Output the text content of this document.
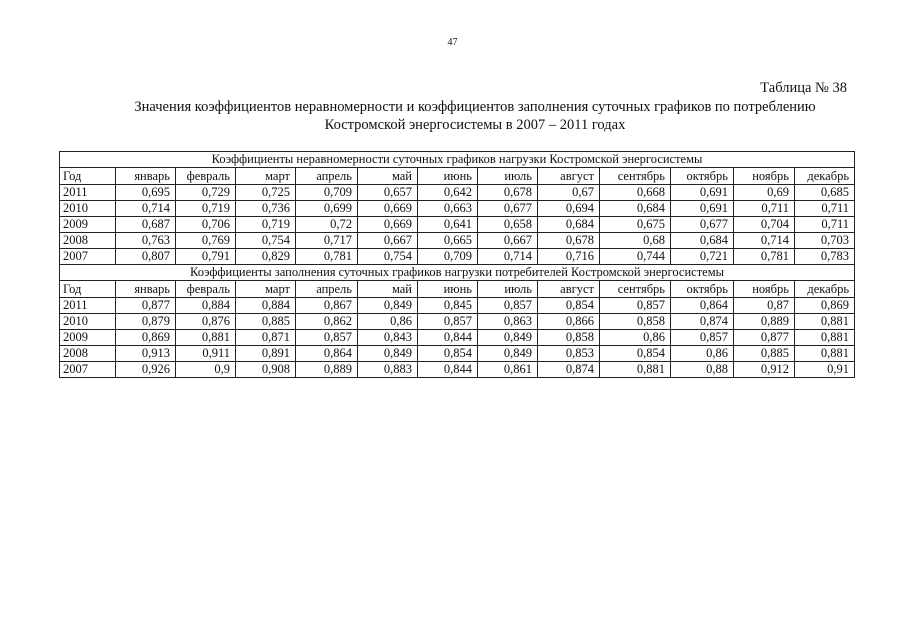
47
Таблица № 38
Значения коэффициентов неравномерности и коэффициентов заполнения суточных графиков по потреблению
Костромской энергосистемы в 2007 – 2011 годах
Коэффициенты неравномерности суточных графиков нагрузки Костромской энергосистемы												
Год	январь	февраль	март	апрель	май	июнь	июль	август	сентябрь	октябрь	ноябрь	декабрь
2011	0,695	0,729	0,725	0,709	0,657	0,642	0,678	0,67	0,668	0,691	0,69	0,685
2010	0,714	0,719	0,736	0,699	0,669	0,663	0,677	0,694	0,684	0,691	0,711	0,711
2009	0,687	0,706	0,719	0,72	0,669	0,641	0,658	0,684	0,675	0,677	0,704	0,711
2008	0,763	0,769	0,754	0,717	0,667	0,665	0,667	0,678	0,68	0,684	0,714	0,703
2007	0,807	0,791	0,829	0,781	0,754	0,709	0,714	0,716	0,744	0,721	0,781	0,783
Коэффициенты заполнения суточных графиков нагрузки потребителей Костромской энергосистемы												
Год	январь	февраль	март	апрель	май	июнь	июль	август	сентябрь	октябрь	ноябрь	декабрь
2011	0,877	0,884	0,884	0,867	0,849	0,845	0,857	0,854	0,857	0,864	0,87	0,869
2010	0,879	0,876	0,885	0,862	0,86	0,857	0,863	0,866	0,858	0,874	0,889	0,881
2009	0,869	0,881	0,871	0,857	0,843	0,844	0,849	0,858	0,86	0,857	0,877	0,881
2008	0,913	0,911	0,891	0,864	0,849	0,854	0,849	0,853	0,854	0,86	0,885	0,881
2007	0,926	0,9	0,908	0,889	0,883	0,844	0,861	0,874	0,881	0,88	0,912	0,91
